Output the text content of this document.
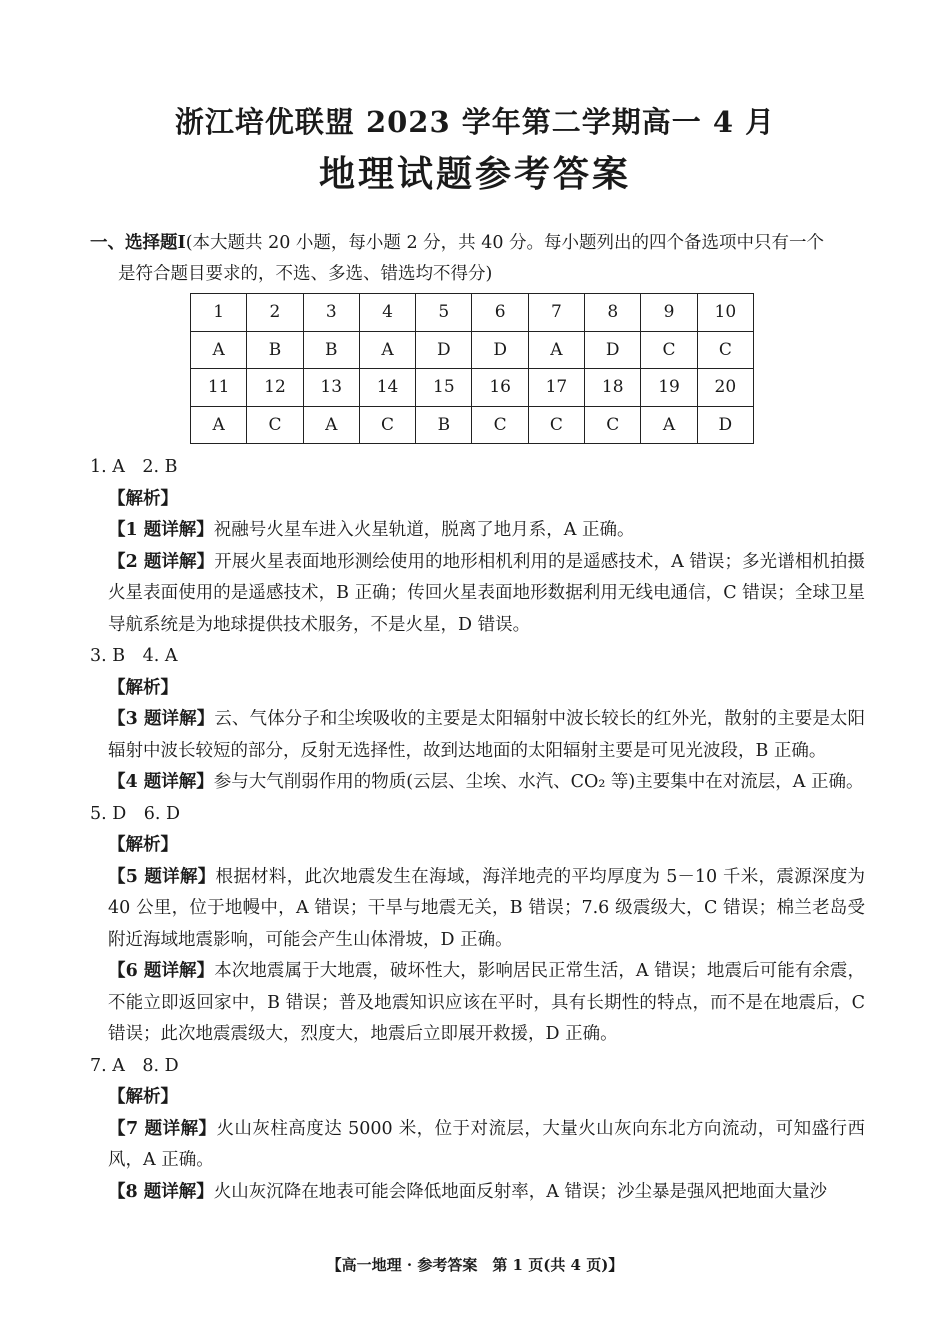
浙江培优联盟 2023 学年第二学期高一 4 月
地理试题参考答案
一、选择题Ⅰ(本大题共 20 小题，每小题 2 分，共 40 分。每小题列出的四个备选项中只有一个
是符合题目要求的，不选、多选、错选均不得分)
1	2	3	4	5	6	7	8	9	10
A	B	B	A	D	D	A	D	C	C
11	12	13	14	15	16	17	18	19	20
A	C	A	C	B	C	C	C	A	D
1. A　2. B
【解析】
【1 题详解】祝融号火星车进入火星轨道，脱离了地月系，A 正确。
【2 题详解】开展火星表面地形测绘使用的地形相机利用的是遥感技术，A 错误；多光谱相机拍摄火星表面使用的是遥感技术，B 正确；传回火星表面地形数据利用无线电通信，C 错误；全球卫星导航系统是为地球提供技术服务，不是火星，D 错误。
3. B　4. A
【解析】
【3 题详解】云、气体分子和尘埃吸收的主要是太阳辐射中波长较长的红外光，散射的主要是太阳辐射中波长较短的部分，反射无选择性，故到达地面的太阳辐射主要是可见光波段，B 正确。
【4 题详解】参与大气削弱作用的物质(云层、尘埃、水汽、CO₂ 等)主要集中在对流层，A 正确。
5. D　6. D
【解析】
【5 题详解】根据材料，此次地震发生在海域，海洋地壳的平均厚度为 5－10 千米，震源深度为 40 公里，位于地幔中，A 错误；干旱与地震无关，B 错误；7.6 级震级大，C 错误；棉兰老岛受附近海域地震影响，可能会产生山体滑坡，D 正确。
【6 题详解】本次地震属于大地震，破坏性大，影响居民正常生活，A 错误；地震后可能有余震，不能立即返回家中，B 错误；普及地震知识应该在平时，具有长期性的特点，而不是在地震后，C 错误；此次地震震级大，烈度大，地震后立即展开救援，D 正确。
7. A　8. D
【解析】
【7 题详解】火山灰柱高度达 5000 米，位于对流层，大量火山灰向东北方向流动，可知盛行西风，A 正确。
【8 题详解】火山灰沉降在地表可能会降低地面反射率，A 错误；沙尘暴是强风把地面大量沙
【高一地理 · 参考答案　第 1 页(共 4 页)】
